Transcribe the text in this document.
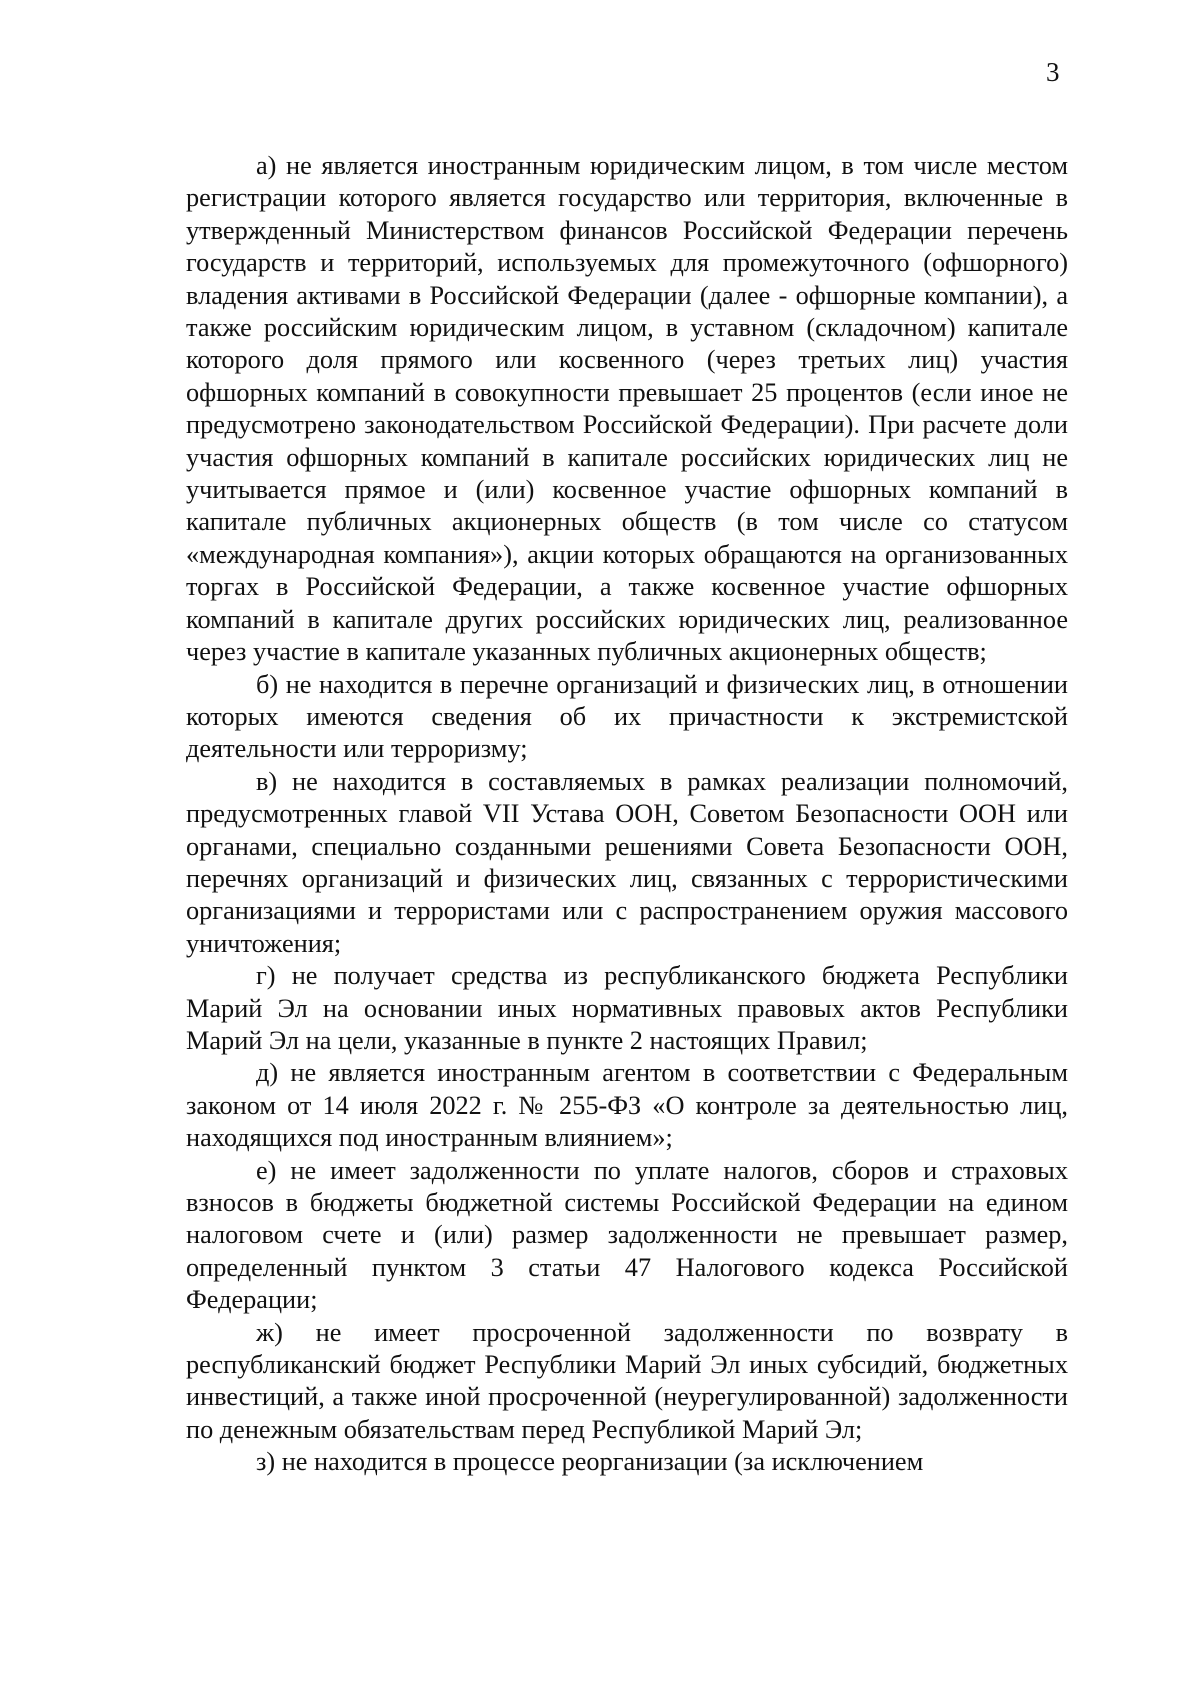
3

а) не является иностранным юридическим лицом, в том числе местом регистрации которого является государство или территория, включенные в утвержденный Министерством финансов Российской Федерации перечень государств и территорий, используемых для промежуточного (офшорного) владения активами в Российской Федерации (далее - офшорные компании), а также российским юридическим лицом, в уставном (складочном) капитале которого доля прямого или косвенного (через третьих лиц) участия офшорных компаний в совокупности превышает 25 процентов (если иное не предусмотрено законодательством Российской Федерации). При расчете доли участия офшорных компаний в капитале российских юридических лиц не учитывается прямое и (или) косвенное участие офшорных компаний в капитале публичных акционерных обществ (в том числе со статусом «международная компания»), акции которых обращаются на организованных торгах в Российской Федерации, а также косвенное участие офшорных компаний в капитале других российских юридических лиц, реализованное через участие в капитале указанных публичных акционерных обществ;

б) не находится в перечне организаций и физических лиц, в отношении которых имеются сведения об их причастности к экстремистской деятельности или терроризму;

в) не находится в составляемых в рамках реализации полномочий, предусмотренных главой VII Устава ООН, Советом Безопасности ООН или органами, специально созданными решениями Совета Безопасности ООН, перечнях организаций и физических лиц, связанных с террористическими организациями и террористами или с распространением оружия массового уничтожения;

г) не получает средства из республиканского бюджета Республики Марий Эл на основании иных нормативных правовых актов Республики Марий Эл на цели, указанные в пункте 2 настоящих Правил;

д) не является иностранным агентом в соответствии с Федеральным законом от 14 июля 2022 г. № 255-ФЗ «О контроле за деятельностью лиц, находящихся под иностранным влиянием»;

е) не имеет задолженности по уплате налогов, сборов и страховых взносов в бюджеты бюджетной системы Российской Федерации на едином налоговом счете и (или) размер задолженности не превышает размер, определенный пунктом 3 статьи 47 Налогового кодекса Российской Федерации;

ж) не имеет просроченной задолженности по возврату в республиканский бюджет Республики Марий Эл иных субсидий, бюджетных инвестиций, а также иной просроченной (неурегулированной) задолженности по денежным обязательствам перед Республикой Марий Эл;

з) не находится в процессе реорганизации (за исключением
